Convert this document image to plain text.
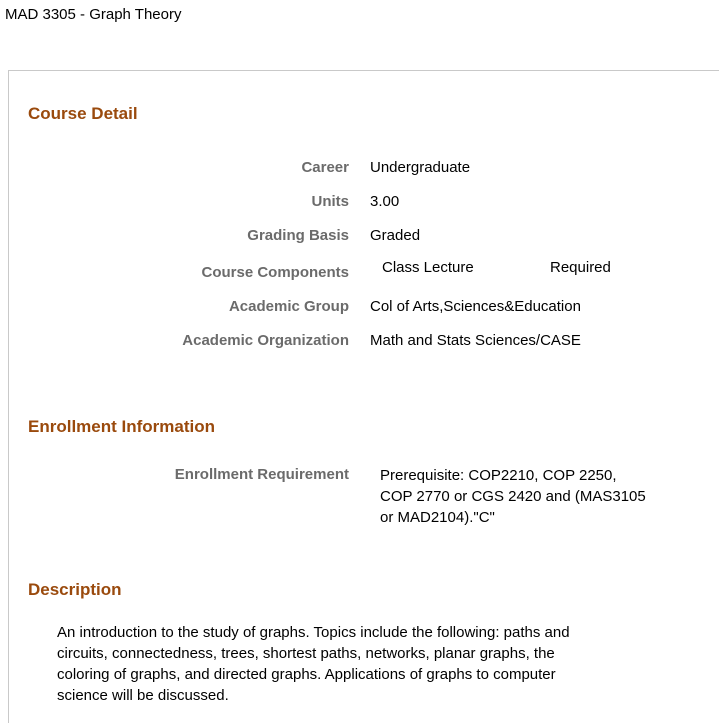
MAD 3305 - Graph Theory
Course Detail
Career Undergraduate
Units 3.00
Grading Basis Graded
Course Components Class Lecture	Required
Academic Group Col of Arts,Sciences&Education
Academic Organization Math and Stats Sciences/CASE
Enrollment Information
Enrollment Requirement Prerequisite: COP2210, COP 2250,
COP 2770 or CGS 2420 and (MAS3105
or MAD2104)."C"
Description
An introduction to the study of graphs. Topics include the following: paths and
circuits, connectedness, trees, shortest paths, networks, planar graphs, the
coloring of graphs, and directed graphs. Applications of graphs to computer
science will be discussed.
